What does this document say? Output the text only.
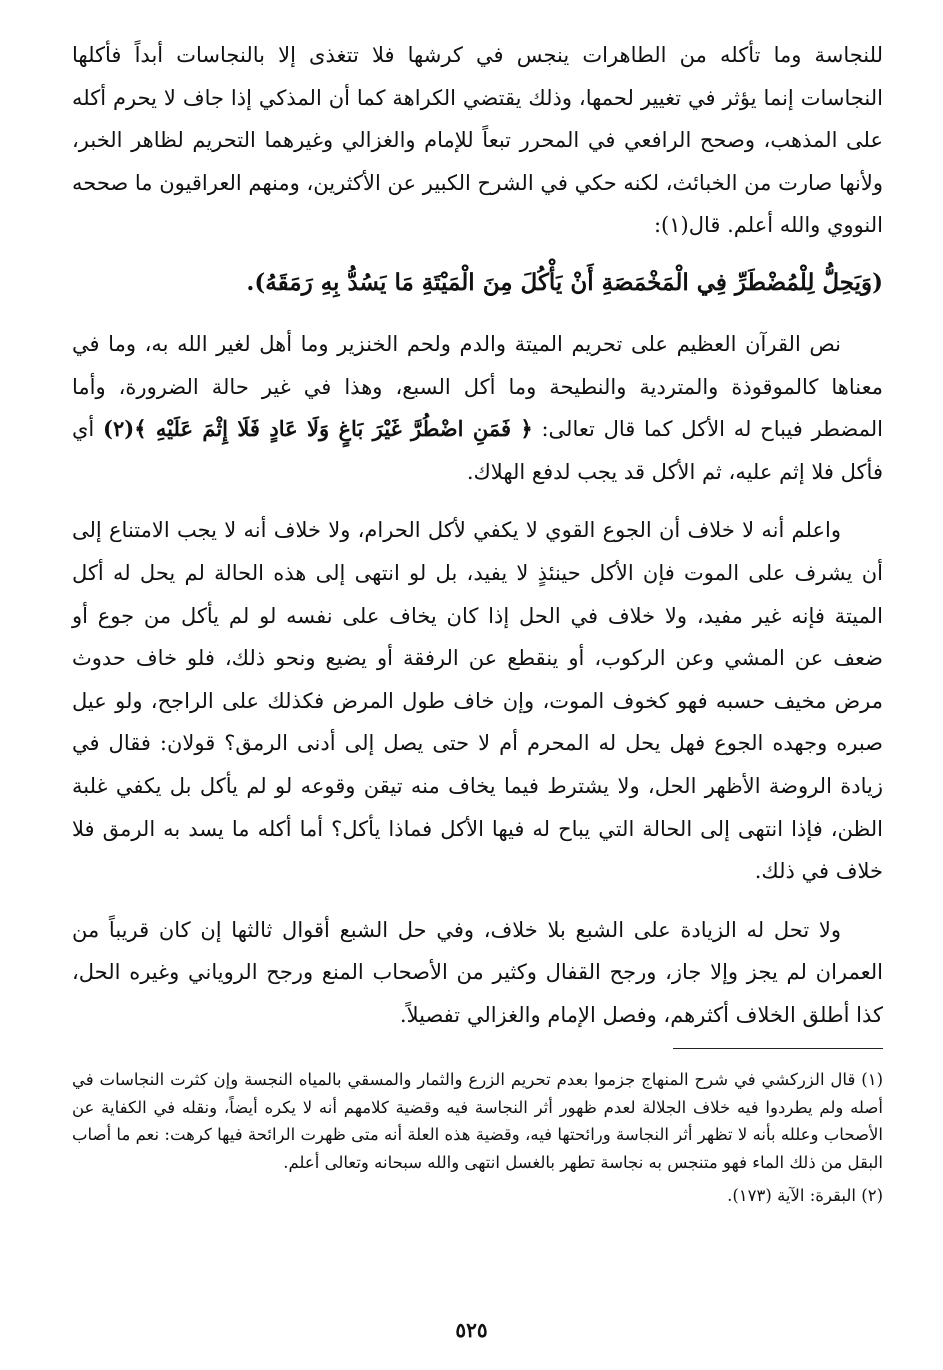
للنجاسة وما تأكله من الطاهرات ينجس في كرشها فلا تتغذى إلا بالنجاسات أبداً فأكلها النجاسات إنما يؤثر في تغيير لحمها، وذلك يقتضي الكراهة كما أن المذكي إذا جاف لا يحرم أكله على المذهب، وصحح الرافعي في المحرر تبعاً للإمام والغزالي وغيرهما التحريم لظاهر الخبر، ولأنها صارت من الخبائث، لكنه حكي في الشرح الكبير عن الأكثرين، ومنهم العراقيون ما صححه النووي والله أعلم. قال(١):

(وَيَحِلُّ لِلْمُضْطَرِّ فِي الْمَخْمَصَةِ أَنْ يَأْكُلَ مِنَ الْمَيْتَةِ مَا يَسُدُّ بِهِ رَمَقَهُ).

نص القرآن العظيم على تحريم الميتة والدم ولحم الخنزير وما أهل لغير الله به، وما في معناها كالموقوذة والمتردية والنطيحة وما أكل السبع، وهذا في غير حالة الضرورة، وأما المضطر فيباح له الأكل كما قال تعالى: ﴿ فَمَنِ اضْطُرَّ غَيْرَ بَاغٍ وَلَا عَادٍ فَلَا إِثْمَ عَلَيْهِ ﴾(٢) أي فأكل فلا إثم عليه، ثم الأكل قد يجب لدفع الهلاك.

واعلم أنه لا خلاف أن الجوع القوي لا يكفي لأكل الحرام، ولا خلاف أنه لا يجب الامتناع إلى أن يشرف على الموت فإن الأكل حينئذٍ لا يفيد، بل لو انتهى إلى هذه الحالة لم يحل له أكل الميتة فإنه غير مفيد، ولا خلاف في الحل إذا كان يخاف على نفسه لو لم يأكل من جوع أو ضعف عن المشي وعن الركوب، أو ينقطع عن الرفقة أو يضيع ونحو ذلك، فلو خاف حدوث مرض مخيف حسبه فهو كخوف الموت، وإن خاف طول المرض فكذلك على الراجح، ولو عيل صبره وجهده الجوع فهل يحل له المحرم أم لا حتى يصل إلى أدنى الرمق؟ قولان: فقال في زيادة الروضة الأظهر الحل، ولا يشترط فيما يخاف منه تيقن وقوعه لو لم يأكل بل يكفي غلبة الظن، فإذا انتهى إلى الحالة التي يباح له فيها الأكل فماذا يأكل؟ أما أكله ما يسد به الرمق فلا خلاف في ذلك.

ولا تحل له الزيادة على الشبع بلا خلاف، وفي حل الشبع أقوال ثالثها إن كان قريباً من العمران لم يجز وإلا جاز، ورجح القفال وكثير من الأصحاب المنع ورجح الروياني وغيره الحل، كذا أطلق الخلاف أكثرهم، وفصل الإمام والغزالي تفصيلاً.

(١) قال الزركشي في شرح المنهاج جزموا بعدم تحريم الزرع والثمار والمسقي بالمياه النجسة وإن كثرت النجاسات في أصله ولم يطردوا فيه خلاف الجلالة لعدم ظهور أثر النجاسة فيه وقضية كلامهم أنه لا يكره أيضاً، ونقله في الكفاية عن الأصحاب وعلله بأنه لا تظهر أثر النجاسة ورائحتها فيه، وقضية هذه العلة أنه متى ظهرت الرائحة فيها كرهت: نعم ما أصاب البقل من ذلك الماء فهو متنجس به نجاسة تطهر بالغسل انتهى والله سبحانه وتعالى أعلم.

(٢) البقرة: الآية (١٧٣).

٥٢٥
